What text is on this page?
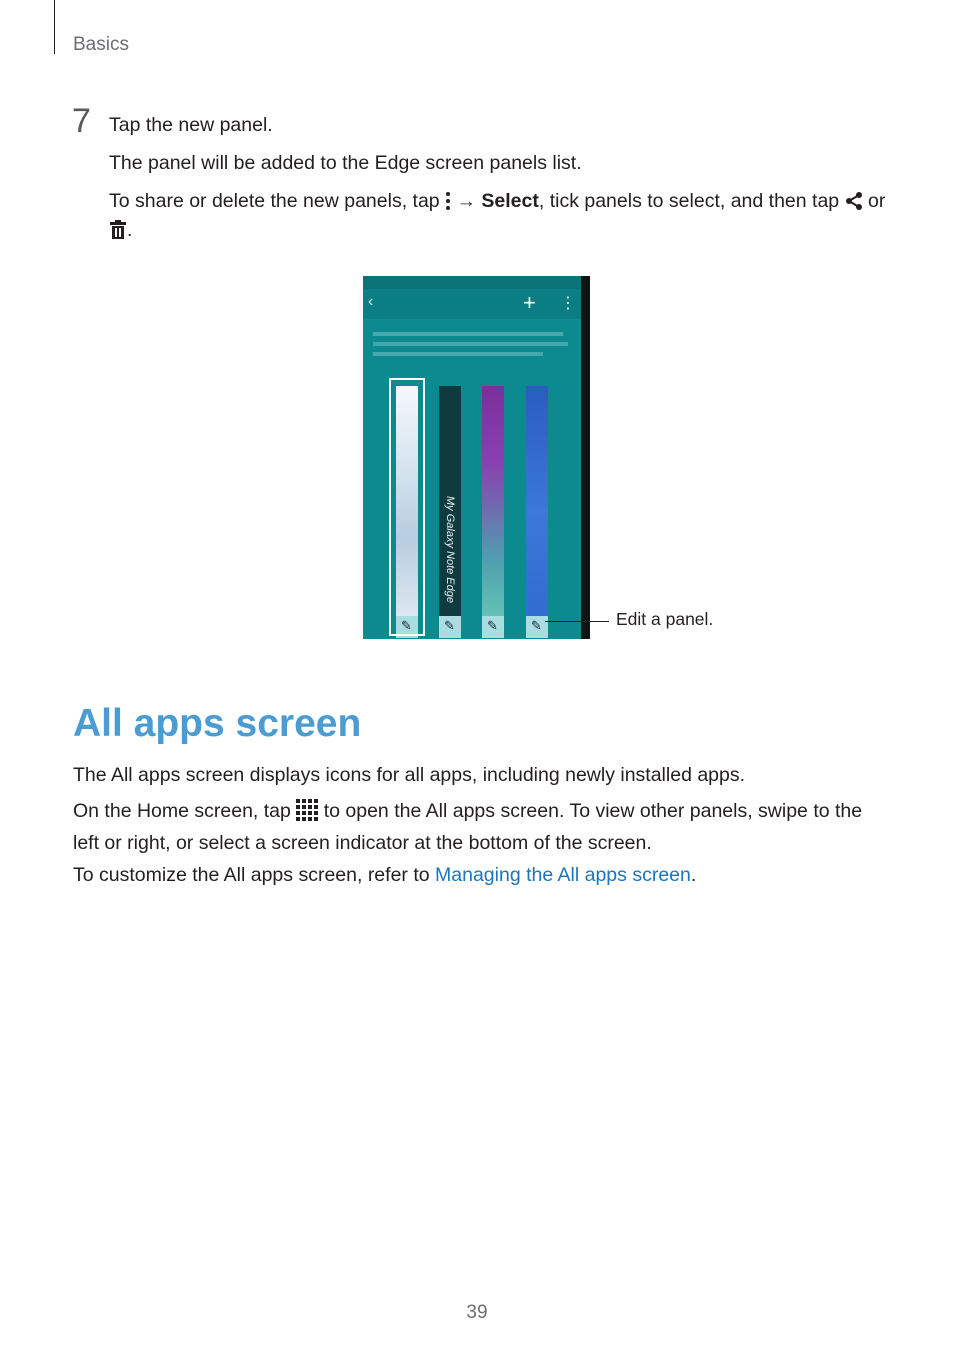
Basics
7 Tap the new panel.

The panel will be added to the Edge screen panels list.

To share or delete the new panels, tap → Select, tick panels to select, and then tap or

.

‹	+ ⋮
✎
My Galaxy Note Edge
✎ ✎	✎	Edit a panel.
All apps screen

The All apps screen displays icons for all apps, including newly installed apps.

On the Home screen, tap to open the All apps screen. To view other panels, swipe to the left or right, or select a screen indicator at the bottom of the screen.

To customize the All apps screen, refer to Managing the All apps screen.

39
